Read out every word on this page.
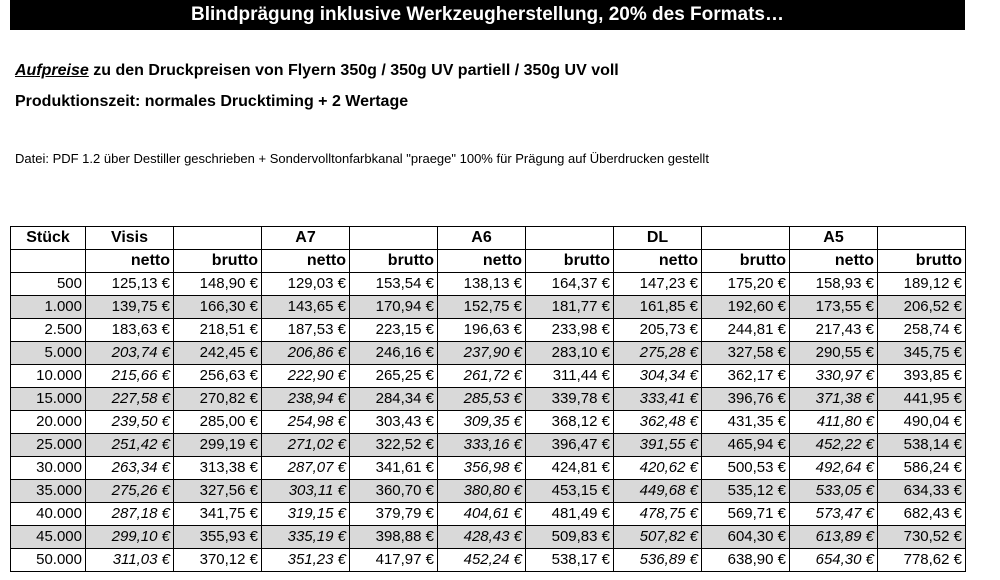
Blindprägung inklusive Werkzeugherstellung, 20% des Formats…
Aufpreise zu den Druckpreisen von Flyern 350g / 350g UV partiell / 350g UV voll
Produktionszeit: normales Drucktiming + 2 Wertage
Datei: PDF 1.2 über Destiller geschrieben + Sondervolltonfarbkanal "praege" 100% für Prägung auf Überdrucken gestellt
Stück	Visis		A7		A6		DL		A5	
	netto	brutto	netto	brutto	netto	brutto	netto	brutto	netto	brutto
500	125,13 €	148,90 €	129,03 €	153,54 €	138,13 €	164,37 €	147,23 €	175,20 €	158,93 €	189,12 €
1.000	139,75 €	166,30 €	143,65 €	170,94 €	152,75 €	181,77 €	161,85 €	192,60 €	173,55 €	206,52 €
2.500	183,63 €	218,51 €	187,53 €	223,15 €	196,63 €	233,98 €	205,73 €	244,81 €	217,43 €	258,74 €
5.000	203,74 €	242,45 €	206,86 €	246,16 €	237,90 €	283,10 €	275,28 €	327,58 €	290,55 €	345,75 €
10.000	215,66 €	256,63 €	222,90 €	265,25 €	261,72 €	311,44 €	304,34 €	362,17 €	330,97 €	393,85 €
15.000	227,58 €	270,82 €	238,94 €	284,34 €	285,53 €	339,78 €	333,41 €	396,76 €	371,38 €	441,95 €
20.000	239,50 €	285,00 €	254,98 €	303,43 €	309,35 €	368,12 €	362,48 €	431,35 €	411,80 €	490,04 €
25.000	251,42 €	299,19 €	271,02 €	322,52 €	333,16 €	396,47 €	391,55 €	465,94 €	452,22 €	538,14 €
30.000	263,34 €	313,38 €	287,07 €	341,61 €	356,98 €	424,81 €	420,62 €	500,53 €	492,64 €	586,24 €
35.000	275,26 €	327,56 €	303,11 €	360,70 €	380,80 €	453,15 €	449,68 €	535,12 €	533,05 €	634,33 €
40.000	287,18 €	341,75 €	319,15 €	379,79 €	404,61 €	481,49 €	478,75 €	569,71 €	573,47 €	682,43 €
45.000	299,10 €	355,93 €	335,19 €	398,88 €	428,43 €	509,83 €	507,82 €	604,30 €	613,89 €	730,52 €
50.000	311,03 €	370,12 €	351,23 €	417,97 €	452,24 €	538,17 €	536,89 €	638,90 €	654,30 €	778,62 €
